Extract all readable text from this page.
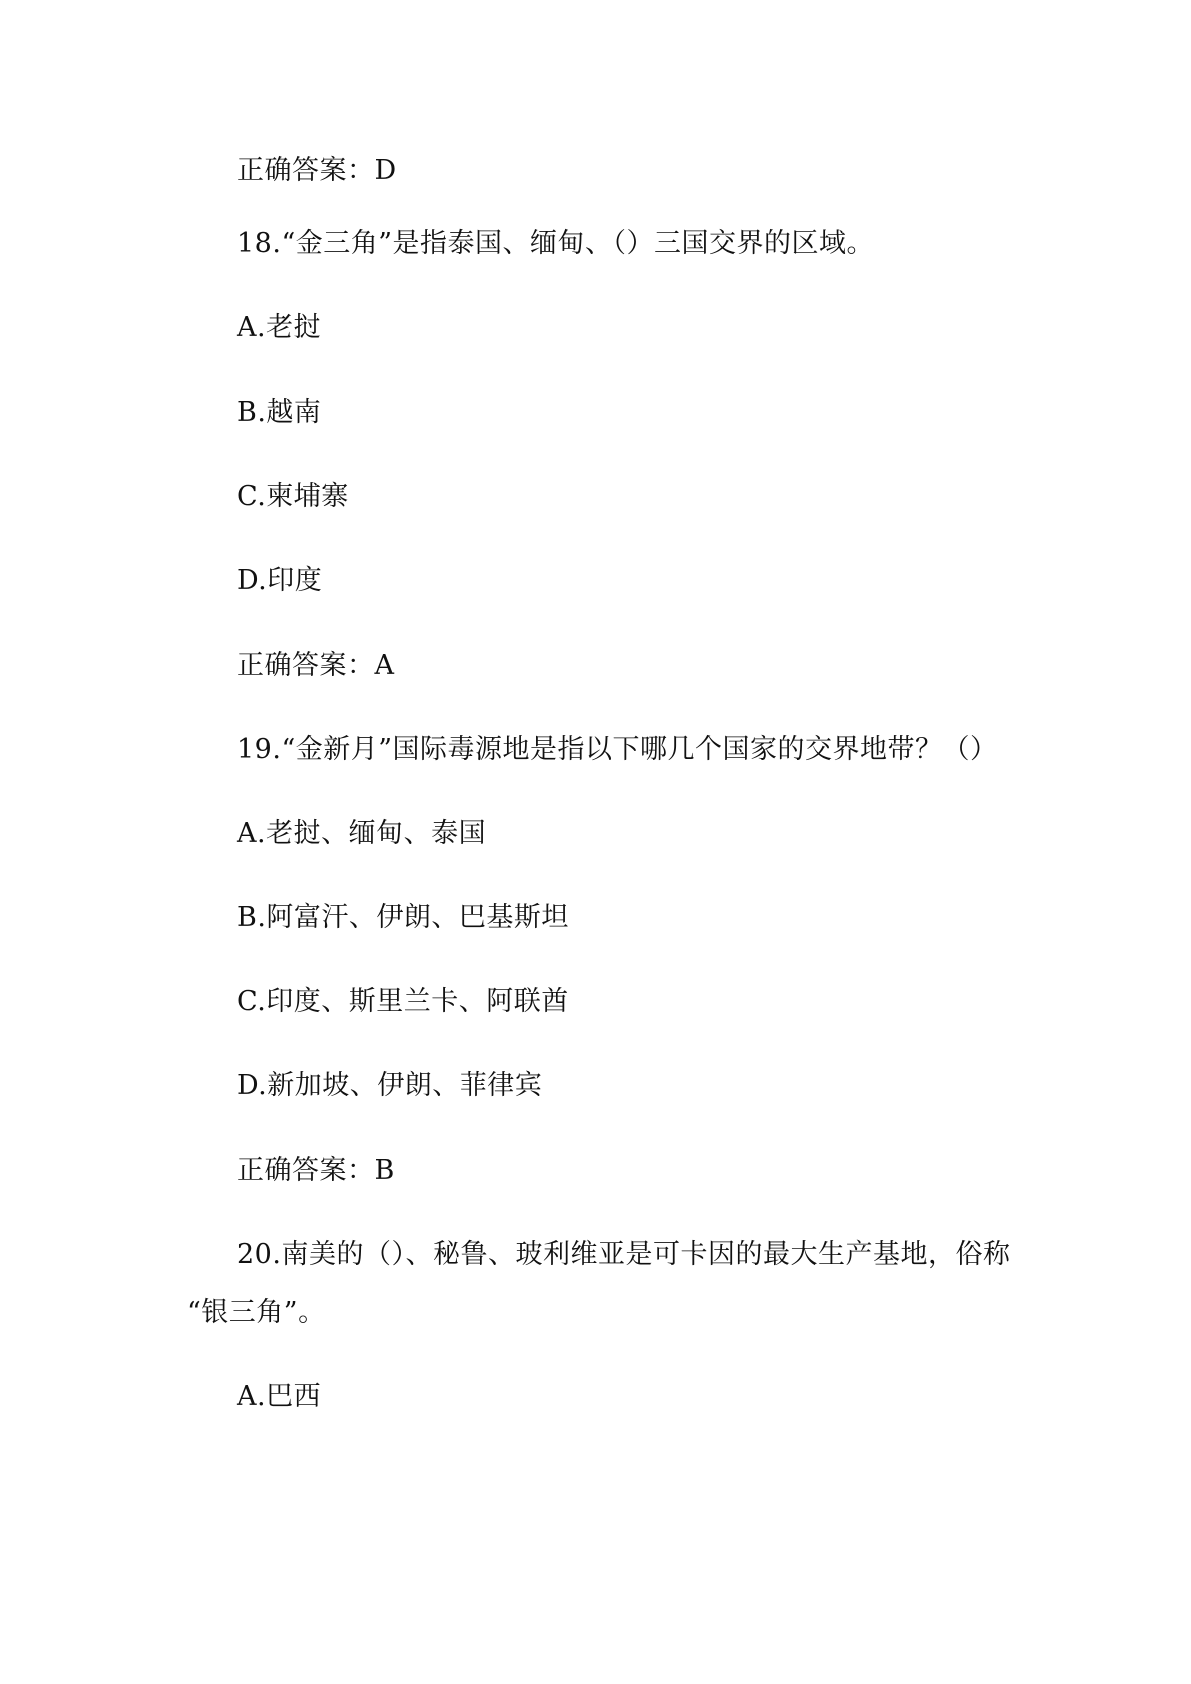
正确答案：D
18.“金三角”是指泰国、缅甸、（）三国交界的区域。
A.老挝
B.越南
C.柬埔寨
D.印度
正确答案：A
19.“金新月”国际毒源地是指以下哪几个国家的交界地带？（）
A.老挝、缅甸、泰国
B.阿富汗、伊朗、巴基斯坦
C.印度、斯里兰卡、阿联酋
D.新加坡、伊朗、菲律宾
正确答案：B
20.南美的（）、秘鲁、玻利维亚是可卡因的最大生产基地，俗称
“银三角”。
A.巴西
